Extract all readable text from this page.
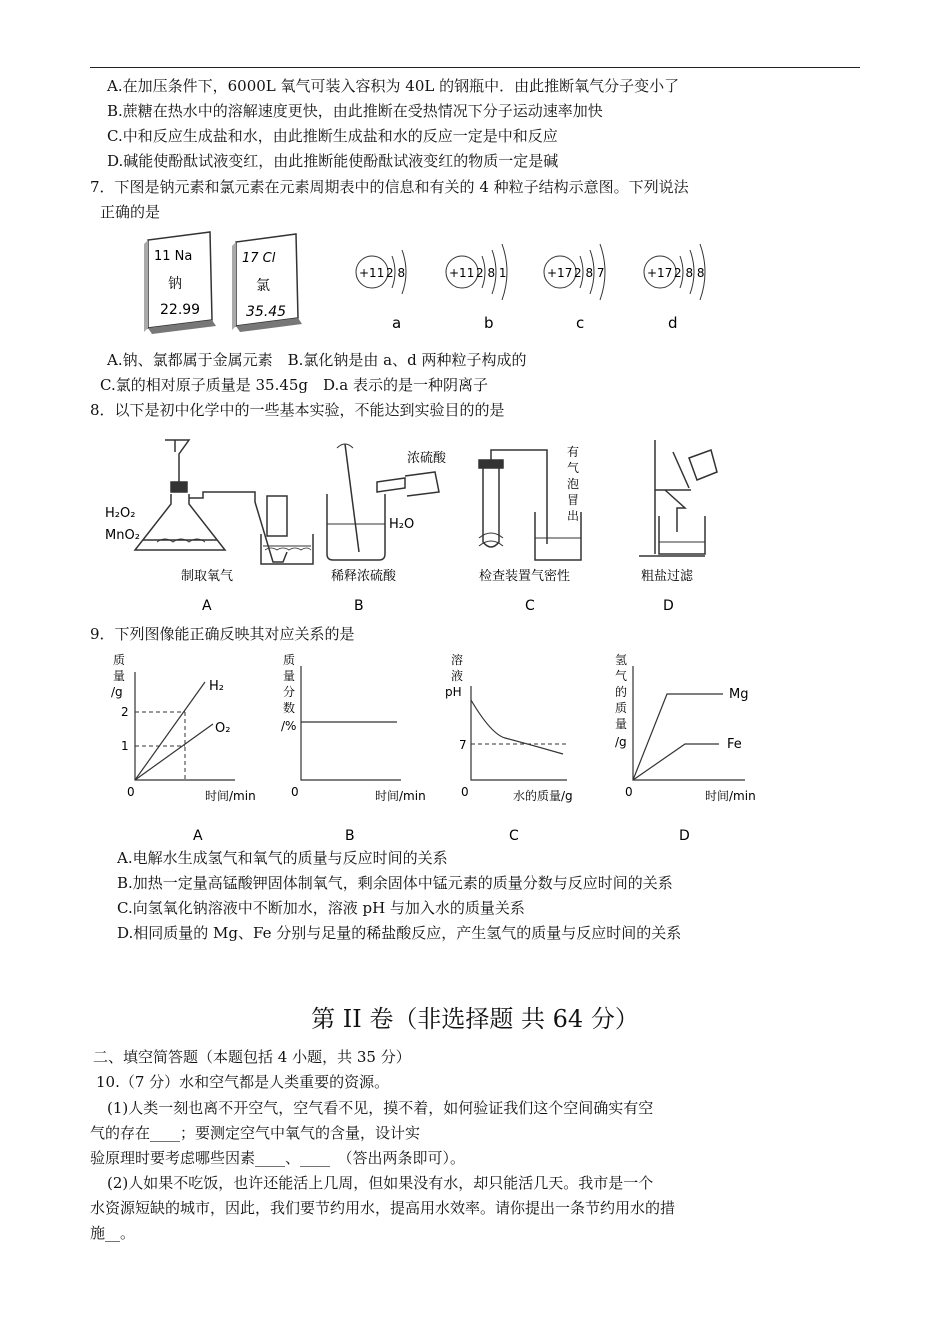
A.在加压条件下，6000L 氧气可装入容积为 40L 的钢瓶中．由此推断氧气分子变小了
B.蔗糖在热水中的溶解速度更快，由此推断在受热情况下分子运动速率加快
C.中和反应生成盐和水，由此推断生成盐和水的反应一定是中和反应
D.碱能使酚酞试液变红，由此推断能使酚酞试液变红的物质一定是碱
7．下图是钠元素和氯元素在元素周期表中的信息和有关的 4 种粒子结构示意图。下列说法
正确的是
11 Na
钠
22.99
17 Cl
氯
35.45
+11 2 8
a
+11 2 8 1
b
+17 2 8 7
c
+17 2 8 8
d
A.钠、氯都属于金属元素　B.氯化钠是由 a、d 两种粒子构成的
C.氯的相对原子质量是 35.45g　D.a 表示的是一种阴离子
8．以下是初中化学中的一些基本实验，不能达到实验目的的是
H₂O₂
MnO₂
制取氧气
A
浓硫酸
H₂O
稀释浓硫酸
B
有
气
泡
冒
出
检查装置气密性
C
粗盐过滤
D
9．下列图像能正确反映其对应关系的是
质
量
/g
2
1
0
H₂
O₂
时间/min
A
质
量
分
数
/%
0	时间/min
B
溶
液
pH
7
0	水的质量/g
C
氢
气
的
质
量
/g
Mg
Fe
0	时间/min
D
A.电解水生成氢气和氧气的质量与反应时间的关系
B.加热一定量高锰酸钾固体制氧气，剩余固体中锰元素的质量分数与反应时间的关系
C.向氢氧化钠溶液中不断加水，溶液 pH 与加入水的质量关系
D.相同质量的 Mg、Fe 分别与足量的稀盐酸反应，产生氢气的质量与反应时间的关系
第 II 卷（非选择题 共 64 分）
二、填空简答题（本题包括 4 小题，共 35 分）
10.（7 分）水和空气都是人类重要的资源。
(1)人类一刻也离不开空气，空气看不见，摸不着，如何验证我们这个空间确实有空
气的存在____；要测定空气中氧气的含量，设计实
验原理时要考虑哪些因素____、____　（答出两条即可）。
(2)人如果不吃饭，也许还能活上几周，但如果没有水，却只能活几天。我市是一个
水资源短缺的城市，因此，我们要节约用水，提高用水效率。请你提出一条节约用水的措
施__。
